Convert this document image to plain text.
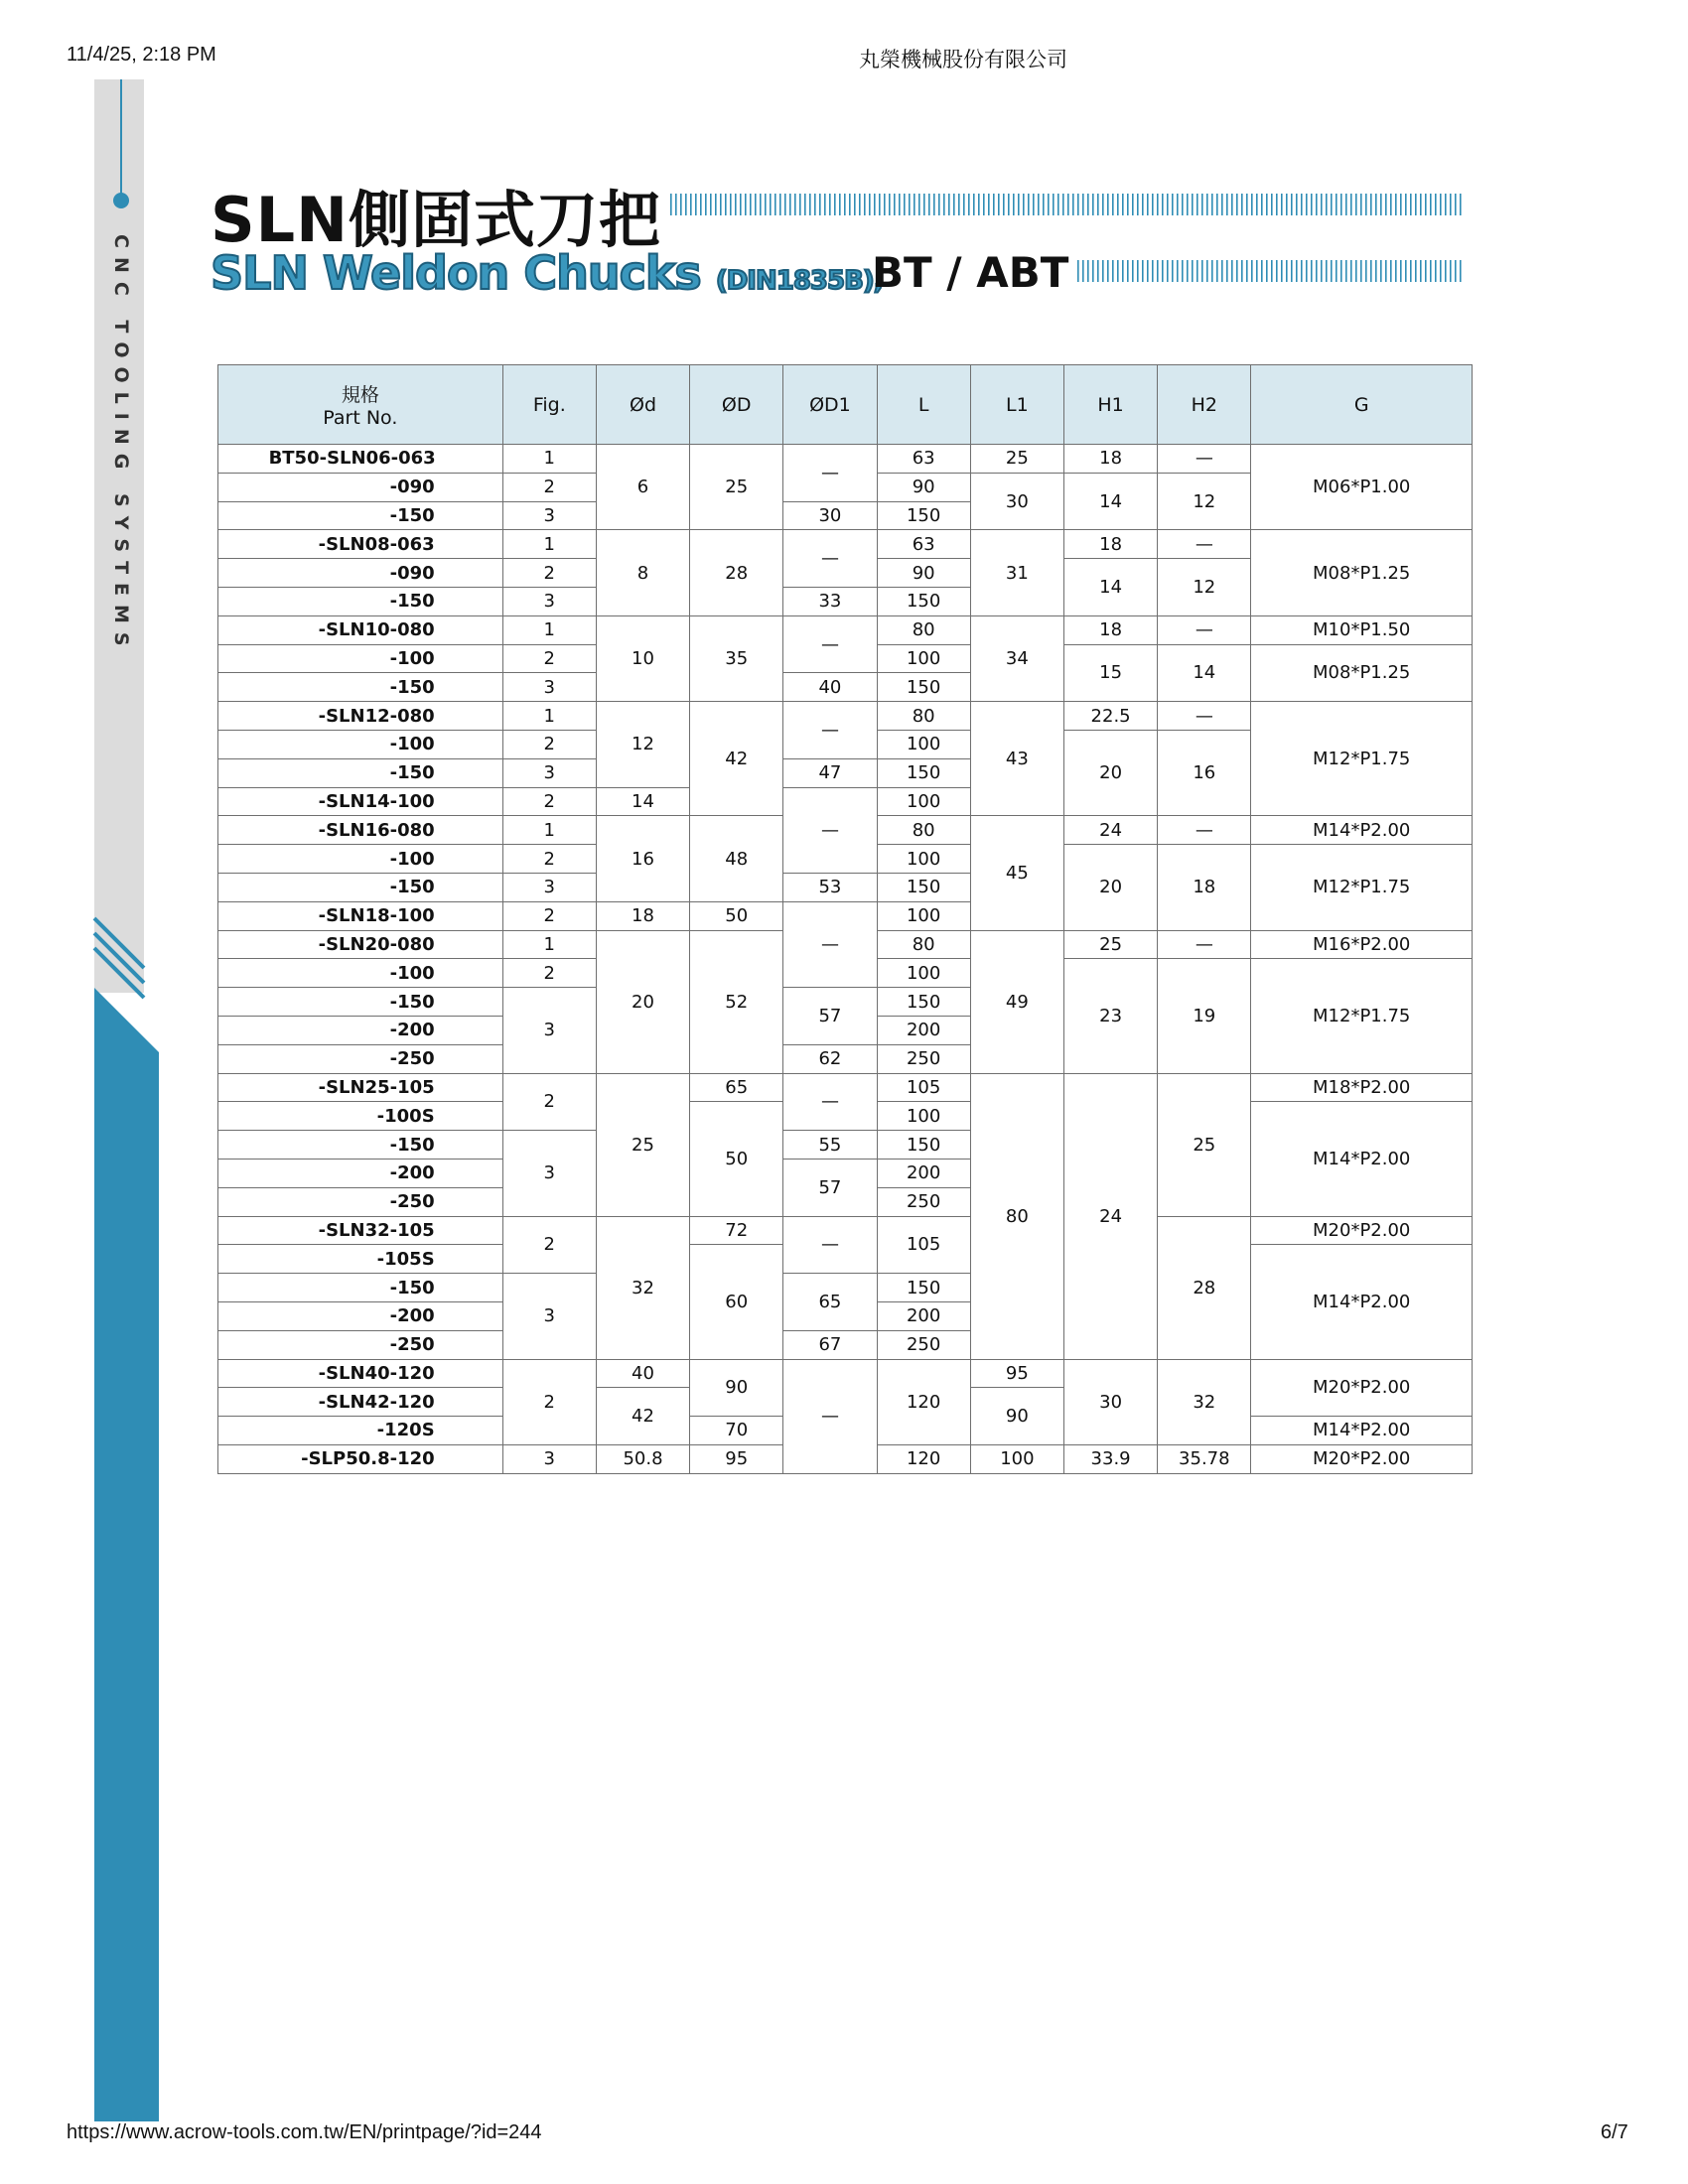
11/4/25, 2:18 PM	丸榮機械股份有限公司
CNC TOOLING SYSTEMS
SLN側固式刀把
SLN Weldon Chucks (DIN1835B),
BT / ABT
規格
Part No.	Fig.	Ød	ØD	ØD1	L	L1	H1	H2	G
BT50-SLN06-063	1	6	25	—	63	25	18	—	M06*P1.00
-090	2				90	30	14	12	
-150	3			30	150				
-SLN08-063	1	8	28	—	63	31	18	—	M08*P1.25
-090	2				90		14	12	
-150	3			33	150				
-SLN10-080	1	10	35	—	80	34	18	—	M10*P1.50
-100	2				100		15	14	M08*P1.25
-150	3			40	150				
-SLN12-080	1	12	42	—	80	43	22.5	—	M12*P1.75
-100	2				100		20	16	
-150	3			47	150				
-SLN14-100	2	14		—	100				
-SLN16-080	1	16	48		80	45	24	—	M14*P2.00
-100	2				100		20	18	M12*P1.75
-150	3			53	150				
-SLN18-100	2	18	50	—	100				
-SLN20-080	1	20	52		80	49	25	—	M16*P2.00
-100	2				100		23	19	M12*P1.75
-150	3			57	150				
-200					200				
-250				62	250				
-SLN25-105	2	25	65	—	105	80	24	25	M18*P2.00
-100S			50		100				M14*P2.00
-150	3			55	150				
-200				57	200				
-250					250				
-SLN32-105	2	32	72	—	105			28	M20*P2.00
-105S			60						M14*P2.00
-150	3			65	150				
-200					200				
-250				67	250				
-SLN40-120	2	40	90	—	120	95	30	32	M20*P2.00
-SLN42-120		42				90			
-120S			70						M14*P2.00
-SLP50.8-120	3	50.8	95		120	100	33.9	35.78	M20*P2.00
https://www.acrow-tools.com.tw/EN/printpage/?id=244	6/7
